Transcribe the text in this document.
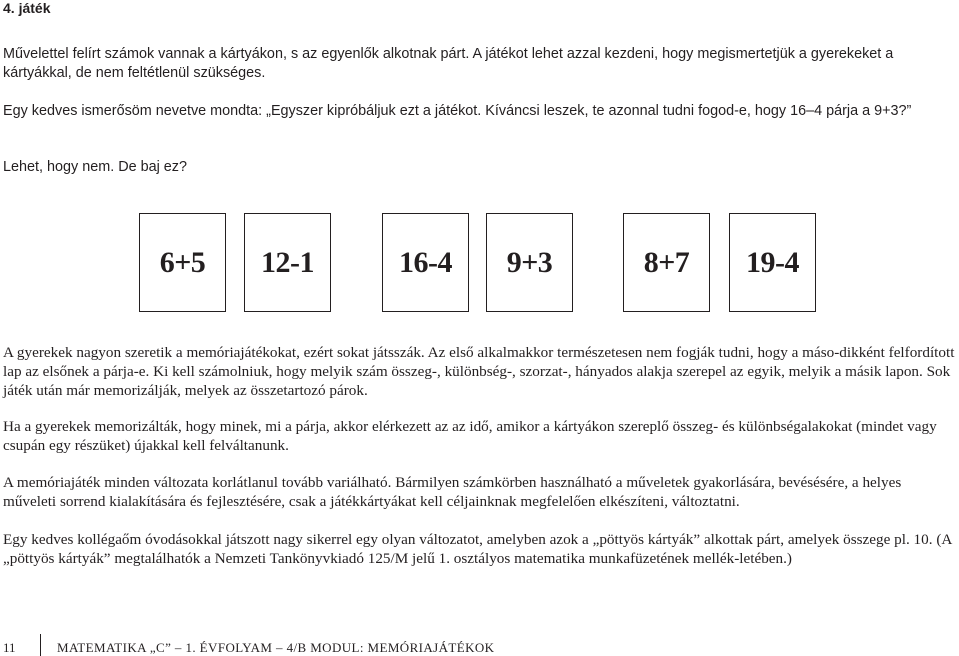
4. játék

Művelettel felírt számok vannak a kártyákon, s az egyenlők alkotnak párt. A játékot lehet azzal kezdeni, hogy megismertetjük a gyerekeket a kártyákkal, de nem feltétlenül szükséges.

Egy kedves ismerősöm nevetve mondta: „Egyszer kipróbáljuk ezt a játékot. Kíváncsi leszek, te azonnal tudni fogod-e, hogy 16–4 párja a 9+3?”

Lehet, hogy nem. De baj ez?

6+5	12-1	16-4	9+3	8+7	19-4

A gyerekek nagyon szeretik a memóriajátékokat, ezért sokat játsszák. Az első alkalmakkor természetesen nem fogják tudni, hogy a máso-dikként felfordított lap az elsőnek a párja-e. Ki kell számolniuk, hogy melyik szám összeg-, különbség-, szorzat-, hányados alakja szerepel az egyik, melyik a másik lapon. Sok játék után már memorizálják, melyek az összetartozó párok.

Ha a gyerekek memorizálták, hogy minek, mi a párja, akkor elérkezett az az idő, amikor a kártyákon szereplő összeg- és különbségalakokat (mindet vagy csupán egy részüket) újakkal kell felváltanunk.

A memóriajáték minden változata korlátlanul tovább variálható. Bármilyen számkörben használható a műveletek gyakorlására, bevésésére, a helyes műveleti sorrend kialakítására és fejlesztésére, csak a játékkártyákat kell céljainknak megfelelően elkészíteni, változtatni.

Egy kedves kollégaőm óvodásokkal játszott nagy sikerrel egy olyan változatot, amelyben azok a „pöttyös kártyák” alkottak párt, amelyek összege pl. 10. (A „pöttyös kártyák” megtalálhatók a Nemzeti Tankönyvkiadó 125/M jelű 1. osztályos matematika munkafüzetének mellék-letében.)

11	MATEMATIKA „C” – 1. ÉVFOLYAM – 4/B MODUL: MEMÓRIAJÁTÉKOK
